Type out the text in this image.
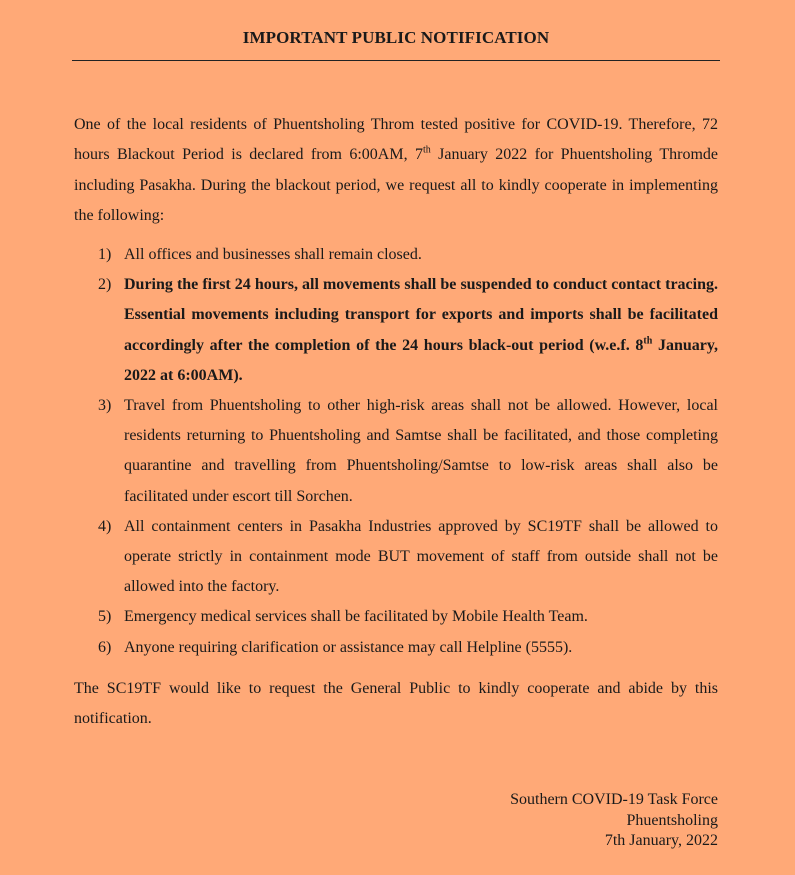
IMPORTANT PUBLIC NOTIFICATION

One of the local residents of Phuentsholing Throm tested positive for COVID-19. Therefore, 72 hours Blackout Period is declared from 6:00AM, 7th January 2022 for Phuentsholing Thromde including Pasakha. During the blackout period, we request all to kindly cooperate in implementing the following:

1) All offices and businesses shall remain closed.
2) During the first 24 hours, all movements shall be suspended to conduct contact tracing. Essential movements including transport for exports and imports shall be facilitated accordingly after the completion of the 24 hours black-out period (w.e.f. 8th January, 2022 at 6:00AM).
3) Travel from Phuentsholing to other high-risk areas shall not be allowed. However, local residents returning to Phuentsholing and Samtse shall be facilitated, and those completing quarantine and travelling from Phuentsholing/Samtse to low-risk areas shall also be facilitated under escort till Sorchen.
4) All containment centers in Pasakha Industries approved by SC19TF shall be allowed to operate strictly in containment mode BUT movement of staff from outside shall not be allowed into the factory.
5) Emergency medical services shall be facilitated by Mobile Health Team.
6) Anyone requiring clarification or assistance may call Helpline (5555).

The SC19TF would like to request the General Public to kindly cooperate and abide by this notification.

Southern COVID-19 Task Force
Phuentsholing
7th January, 2022
